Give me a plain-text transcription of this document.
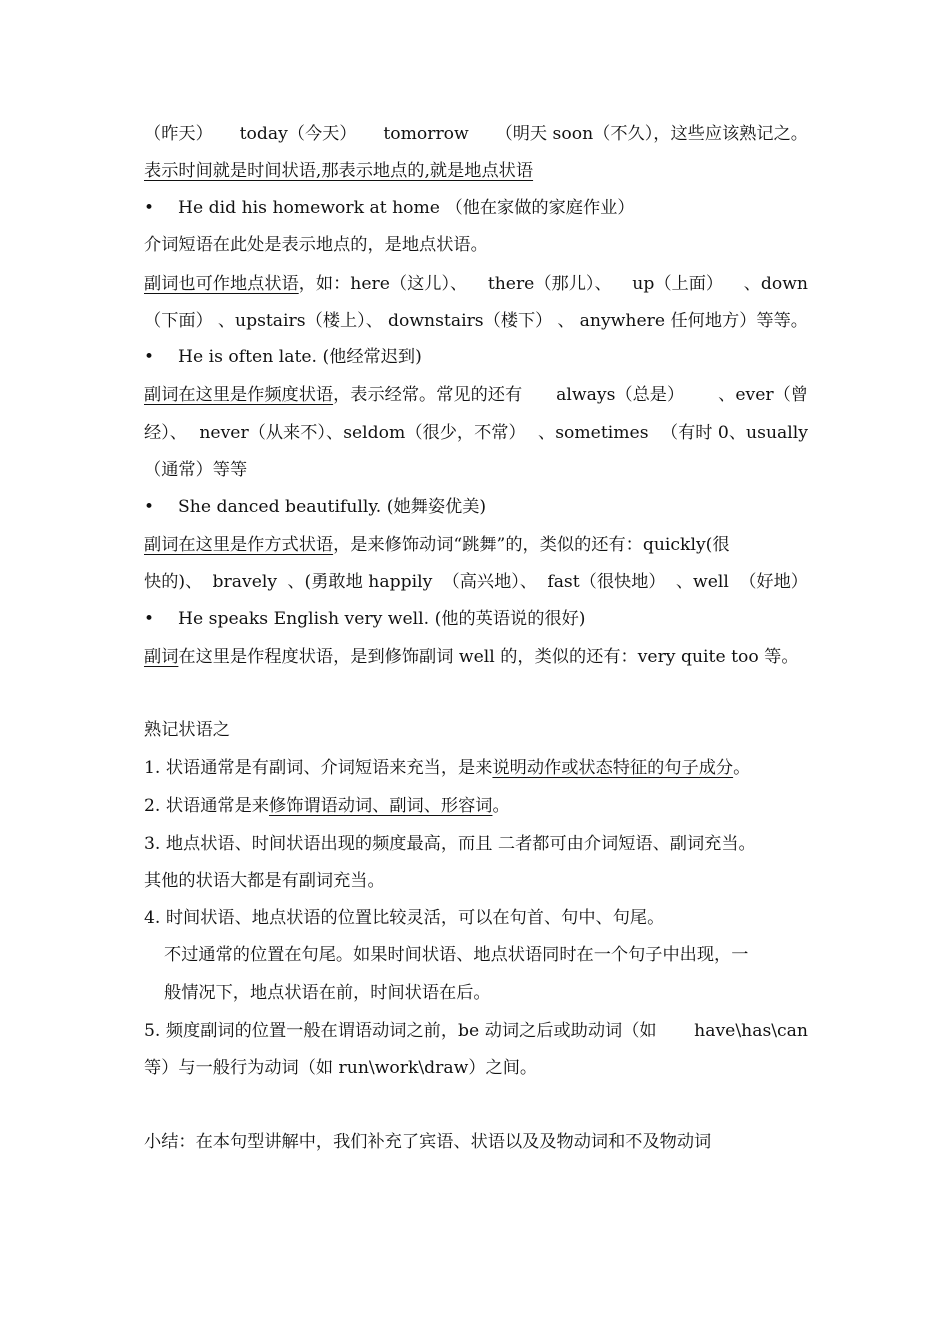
（昨天） today（今天） tomorrow （明天 soon（不久），这些应该熟记之。
表示时间就是时间状语,那表示地点的,就是地点状语
• He did his homework at home （他在家做的家庭作业）
介词短语在此处是表示地点的，是地点状语。
副词也可作地点状语，如：here（这儿）、 there（那儿）、 up（上面） 、down
（下面） 、upstairs（楼上）、 downstairs（楼下） 、 anywhere 任何地方）等等。
• He is often late. (他经常迟到)
副词在这里是作频度状语，表示经常。常见的还有 always（总是） 、ever（曾
经）、 never（从来不）、seldom（很少，不常） 、sometimes （有时 0、usually
（通常）等等
• She danced beautifully. (她舞姿优美)
副词在这里是作方式状语，是来修饰动词“跳舞”的，类似的还有：quickly(很
快的)、 bravely 、(勇敢地 happily （高兴地）、 fast（很快地） 、well （好地）
• He speaks English very well. (他的英语说的很好)
副词在这里是作程度状语，是到修饰副词 well 的，类似的还有：very quite too 等。
熟记状语之
1. 状语通常是有副词、介词短语来充当，是来说明动作或状态特征的句子成分。
2. 状语通常是来修饰谓语动词、副词、形容词。
3. 地点状语、时间状语出现的频度最高，而且 二者都可由介词短语、副词充当。
其他的状语大都是有副词充当。
4. 时间状语、地点状语的位置比较灵活，可以在句首、句中、句尾。
不过通常的位置在句尾。如果时间状语、地点状语同时在一个句子中出现，一
般情况下，地点状语在前，时间状语在后。
5. 频度副词的位置一般在谓语动词之前，be 动词之后或助动词（如 have\has\can
等）与一般行为动词（如 run\work\draw）之间。
小结：在本句型讲解中，我们补充了宾语、状语以及及物动词和不及物动词
